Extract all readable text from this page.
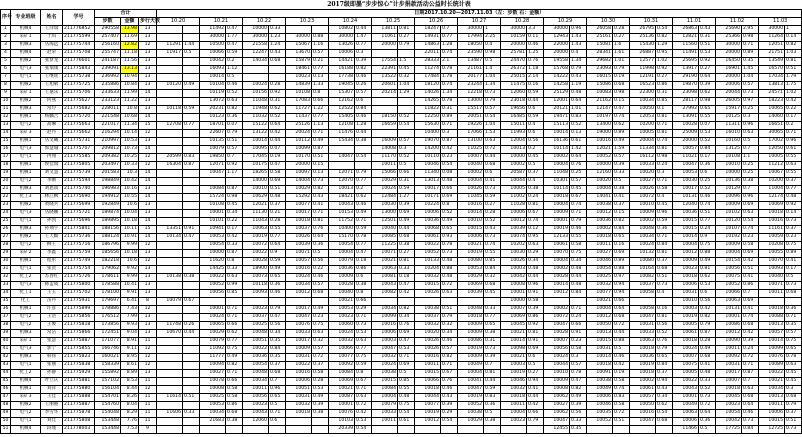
2017级即墨“步步惊心”计步捐款活动公益时长统计表
序号	专业班级	姓名	学号	合计			日期2017.10.20—2017.11.03（左：步数 右：金额）																													
				步数	金额	步行天数	10.20		10.21		10.22		10.23		10.24		10.25		10.26		10.27		10.28		10.29		10.30		10.31		11.01		11.02		11.03	
1	机械4	王洋瑞	211776852	290558	13.98	13			11492	0.47	10000	0.33			10802	0.44	13811	0.81	18247	0.7	30000	1	30000	3.3	30000	0.96	26058	0.28	26795	0.54	26863	0.43	25690	2.95	30000	1
2	采矿1	于琪	211775599	257407	11.69	13			30000	1.77	30000	1.23	30000	0.88	30000	1.47	11061	0.27	14931	0.77	17994	2.25	10159	0.11	12943	1.43	25161	0.27	25136	0.82	12821	0.31	25366	0.98	11264	0.14
3	机械3	丛海远	211775744	256160	12.82	12	11291	1.44	10500	0.47	21558	1.24	15067	1.16	13026	0.77	20000	0.79	14863	1.28	18050	0.4	20000	0.46	22000	1.43	15081	1.6	15430	1.29	11560	0.51	30000	0.71	12051	0.82
4	机械4	赵荣	211775708	255747	11.18	13	11917	0.5	10066	0.59	12247	0.43	13670	0.57	10006	0.3			22011	0.74	23590	0.98	25781	1.25	20000	0.4	28341	1.61	26887	0.95	11491	0.53	20000	0.89	21751	1.03
5	机械2	张梦龙	211776601	241187	11.56	13			10042	0.2	14034	0.68	15879	0.21	14421	0.39	17554	1.5	28333	2.1	13487	0.5	24470	0.76	19558	1.34	29682	1.01	12577	1.02	25695	0.92	16450	0.35	13549	0.81
6	电气3	张瑞康	211775843	239091	13.13	13			16093	1.12			18461	0.77	16188	0.82	22391	0.45	11274	0.78	21161	1.4	26372	1.18	15768	0.79	23093	0.79	11998	0.92	13917	0.27	16901	1.45	16570	0.51
7	电气1	王继瑶	211775738	236992	10.94	13			10014	0.5			10023	0.13	17738	0.46	13522	0.32	17484	1.78	20177	1.04	25015	2.14	14222	0.43	16015	0.19	12191	0.27	29190	0.64	20000	1.04	17034	1.79
8	机械2	王旭敬	211775725	235886	10.84	13	10120	0.49	10104	0.46	10024	0.28	14839	1.33	19045	0.26	20601	1.04	18120	0.74	23244	1.34	11475	0.16	14258	1.19	15086	0.68	16523	0.86	19870	0.39	20006	0.57	13813	1.75
9	采矿1	王嘉乐	211775706	233633	11.99	14			10119	0.52	10156	0.92	10108	0.8	15307	0.57	20214	1.29	14026	1.34	12218	0.73	12060	0.59	25129	0.48	10083	0.98	22300	0.31	23098	0.62	20044	0.73	24571	1.02
10	机械2	何燕	211775627	233123	11.22	13			13072	0.63	11048	0.31	17083	0.66	12162	0.6			14265	0.78	13000	0.79	23018	0.44	12001	0.64	21162	0.15	10034	0.85	28117	0.98	26005	0.97	18223	0.42
11	机械3	常玲	211775682	228011	10.8	13	10118	0.59	20231	0.82	11948	0.62	11727	1.22	12522	0.84			11822	0.31	15517	0.57	19656	0.6	20121	1.01	12147	0.47	10050	0.1	27992	0.65	15917	0.25	10065	0.22
12	机械1	杨麟吉	211775720	221548	10.68	14			10123	0.36	11032	0.52	11437	0.77	15405	0.46	18150	0.52	12250	0.89	20051	0.54	16485	0.59	19471	0.83	10197	0.74	12053	0.81	13091	0.55	10125	0.3	14060	0.17
13	电气2	高琳	211775663	221017	11.34	15	12708	0.77	18701	0.07	15122	0.64	25126	1.13	12108	1.28	16659	0.54	15630	0.71	19226	1.04	15011	0.4	15113	0.52	13400	0.62	10200	0.71	10028	0.07	11311	0.96	16651	0.2
14	采矿3	赵丹	211775662	216294	10.14	12			22607	0.79	13122	0.42	20024	0.71	11476	0.44			10400	0.3	17066	1.53	11993	0.6	10014	0.13	19000	0.89	10005	0.81	25009	0.53	16010	0.63	30065	0.71
15	机械1	丛文曦	211775731	210997	10.53	13			10135	0.51	10014	0.44	10112	0.49	15434	0.38	16009	0.57	19070	0.87	13100	0.63	12004	0.56	16136	0.61	10016	0.49	20004	0.74	20000	0.52	10160	0.5	17002	0.96
16	电气3	郭慧瑜	211775707	209812	10.73	14			10079	0.57	10095	0.07	10099	0.87			14008	0.3	14200	0.42	11025	0.72	10013	0.2	10114	1.42	12021	1.59	11334	0.81	10057	0.84	13125	0.7	12050	0.61
17	电气1	冉翔	211775585	209382	10.25	12	20599	0.83	19850	0.7	17045	0.19	10170	0.51	14047	0.54	11170	0.52	10110	0.23	10007	0.44	10000	0.45	10002	0.64	10052	0.57	16112	0.98	11021	0.17	10108	1.1	10005	0.55
18	机械1	侯佳瑞	211775805	203497	10.33	12	16304	0.87	12071	0.92	10175	0.47	20000	0.15			10011	0.5	10046	0.54	10040	0.68	10002	0.5	10004	0.76	10000	0.39	10033	0.24	10047	0.36	10010	0.25	11212	0.63
19	机械1	刘文慧	211775739	201583	10.3	14			10047	1.17	18265	0.58	10097	0.13	12071	0.79	15066	0.66	11340	0.08	10002	0.6	20587	0.37	11048	0.25	12160	0.33	10020	0.3	10053	0.6	10000	0.25	10067	0.55
20	电气2	李刚	211775594	198849	10.42	14					14000	0.69	14004	0.73	12070	0.77	10029	0.31	13013	0.48	10004	0.41	10044	0.4	10301	0.57	10020	0.5	10027	0.71	10030	0.25	10136	0.38	10200	0.37
21	机械3	刘思雨	211775740	196983	10.16	13			10084	0.87	10010	0.51	10029	0.82	10013	0.2	10024	0.59	10017	0.66	10026	0.73	10005	0.38	10114	0.45	10004	0.38	10026	0.58	10017	0.52	10129	0.7	11004	0.77
22	化工3	林江枫	211775690	194912	10.55	14			15724	0.98	10629	0.48	15292	0.43	18421	0.62	12484	1.27	10171	0.69	11045	0.59	11002	0.24	10018	0.67	14041	0.41	10072	0.4	10131	0.46	10096	0.96	12174	0.48
23	机械2	黄晓兵	211775699	192849	10.6	13			10108	0.45	12021	0.37	10077	0.41	10043	0.46	10030	0.39	10224	0.8	10016	0.27	11028	0.81	10004	0.74	10038	0.37	10010	0.45	12040	0.74	10009	0.69	10069	0.92
24	电气3	丛晓鹏	211775721	189874	10.04	13			10001	0.34	11130	0.21	10017	0.71	10153	0.49	13000	0.69	10006	0.52	10014	0.28	10006	0.67	10009	0.71	10012	0.15	10009	0.96	10036	0.51	10102	0.63	10018	0.14
25	电气1	孙凯	211775696	189895	10.18	14			10101	0.22	11043	0.28	10018	0.81	11752	0.71	12501	0.49	10036	0.49	10010	0.52	10012	0.74	10001	0.79	10036	0.82	10002	0.59	10015	0.77	10120	0.54	10016	0.73
26	机械3	孙翔宇	211775841	188156	10.11	15	13351	0.91	10941	0.17	10063	0.55	10037	0.76	10400	0.59	10040	0.44	10068	0.65	10015	0.43	10039	0.12	10019	0.46	10002	0.84	10048	0.36	10015	0.24	10107	0.74	11161	0.37
27	机械2	王天麒	211775736	188124	10.91	14	10134	0.47	10053	0.42	10019	0.77	10026	0.64	15170	0.78	10085	0.68	10061	0.93	10006	0.73	10074	0.95	12133	0.55	10018	0.65	10034	0.71	10014	0.9	10192	0.23	10059	0.23
28	电气2	柳王	211775716	186796	9.99	12			10054	0.33	10072	0.64	10039	0.36	10054	0.77	11225	0.38	10022	0.78	10021	0.74	10202	0.63	10061	0.58	10011	0.16	10024	0.84	10004	0.75	10009	0.58	10208	0.75
29	采矿2	李鑫	211775759	185656	10.18	13			10000	0.87	10022	0.9	10071	0.5	10004	0.47	10071	0.27	10052	0.73	10019	0.55	10030	0.29	10070	0.75	10027	0.69	10132	0.81	10012	0.88	10004	0.69	10055	0.89
30	机械1	程彤	211775749	182218	10.6	12			11620	0.8	10028	0.59	10057	0.56	10079	0.18	10021	0.81	10133	0.48	10080	0.85	10026	0.34	10004	0.34	10046	0.89	10080	0.37	10009	0.49	10154	0.42	10070	0.41
31	电气1	张贺	211775754	179062	9.92	13			14425	0.33	18900	0.49	10016	0.22	10036	0.86	10063	0.33	10204	0.88	10053	0.84	10003	0.48	10002	0.48	10054	0.88	10164	0.68	10023	0.81	10056	0.51	10093	0.17
32	化工2	苏春红	211775726	178611	9.99	13	10138	0.38	10022	0.63	10073	0.65	10024	0.46	10009	0.6	10081	0.18	10032	0.48	10029	0.32	10042	0.44	10028	0.44	10025	0.97	10082	0.51	10018	0.62	10075	0.41	10040	0.5
33	电气3	韩孟成	211775800	178588	10.41	13			10052	0.99	10118	0.36	10034	0.57	10028	0.38	10043	0.47	10015	0.72	10069	0.68	10008	0.96	10014	0.48	10032	0.94	10037	0.73	10006	0.53	10052	0.86	10071	0.73
34	化工1	王玉	211775702	178100	9.91	13			10056	0.85	10093	0.46	10012	0.68	10040	0.8	10082	0.42	10026	0.63	10039	0.45	10001	0.91	10012	0.84	10077	0.94	10058	0.4	10031	0.6	10066	0.7	10011	0.68
35	化工	苗丹	211775931	179697	6.41	8	10079	0.67							10021	0.66							10000	0.58			10021	0.66			10010	0.56	10063	0.69		
36	机械1	许彦	211775899	178886	7.43	12			10001	0.71	10023	0.79	10017	0.49	10053	0.29	10034	0.82	10038	0.51	10048	0.33	10007	0.39	10002	0.71	10004	0.64	10058	0.16	10003	0.42	10131	0.41	10018	0.36
37	电气2	王浩	211775856	176512	7.99	13			10024	0.71	10037	0.47	10047	0.23	10023	0.71	10099	0.34	10037	0.79	10018	0.77	10069	0.86	10072	0.24	10012	0.68	10047	0.81	10019	0.82	10001	0.74	10088	0.71
38	电气2	王俊	211775818	173856	9.93	13	11748	0.26	10065	0.66	10025	0.56	10076	0.75	10060	0.73	10016	0.76	10032	0.32	10009	0.65	10045	0.92	10047	0.66	10050	0.72	10031	0.56	10005	0.79	10086	0.68	10013	0.35
39	机械3	常洁	211775866	172451	9.04	13	10670	0.44	10029	0.62	10048	0.34	10033	0.63	10024	0.53	10006	0.69	10020	0.34	10009	0.38	10021	0.81	10028	0.91	10013	0.44	10033	0.52	10061	0.87	10012	0.42	10057	0.57
40	采矿1	张慧	211775887	171077	8.91	11			10079	0.77	10051	0.35	10017	0.32	10032	0.63	10003	0.47	10026	0.46	10086	0.31	10014	0.91	10007	0.23	10015	0.88	10063	0.76	10018	0.28	10090	0.39	10014	0.75
41	电气3	郭宁	211775855	166746	9.11	12			11092	0.75	10022	0.84	10009	0.57	10066	0.77	10047	0.53	10026	0.57	10019	0.73	10098	0.69	10056	0.58	10031	0.5	10018	0.79	10024	0.49	10011	0.24	10099	0.65
42	机械3	韩扬	211775823	160021	8.95	12			11777	0.49	10036	0.35	10031	0.72	10077	0.75	10032	0.71	10016	0.82	10009	0.39	10021	0.6	10024	0.3	10014	0.46	10036	0.65	10007	0.68	10092	0.72	10076	0.78
43	电气1	张丽	211775838	158339	8.61	12			10094	0.82	10054	0.37	10022	0.37	10092	0.59	10024	0.69	10011	0.71	10049	0.7	10003	0.5	10044	0.57	10018	0.42	10019	0.84	10075	0.41	10031	0.71	10089	0.63
44	化工2	孙静	211775929	155892	8.89	13			10027	0.71	10048	0.68	10016	0.58	10084	0.8	10038	0.5	10015	0.67	10004	0.81	10019	0.27	10010	0.78	10091	0.19	10018	0.37	10005	0.48	10017	0.87	10022	0.45
45	机械4	叶立庆	211775881	157102	8.53	11			10078	0.66	10034	0.7	10006	0.28	10069	0.67	10015	0.85	10066	0.76	10041	0.44	10046	0.94	10009	0.47	10038	0.58	10002	0.94	10022	0.33	10007	0.7	10021	0.45
46	机械1	刘萍	211775880	156104	8.44	12			10008	0.58	10011	0.96	10051	0.53	10021	0.71	10084	0.55	10018	0.46	10047	0.59	10032	0.41	10008	0.82	10049	0.74	10061	0.43	10043	0.52	10018	0.63	10034	0.3
47	采矿3	王佳	211775888	154701	8.26	11	11614	0.51	10025	0.58	10056	0.65	10031	0.49	10087	0.63	10004	0.48	10044	0.43	10019	0.83	10018	0.44	10062	0.49	10006	0.83	10057	0.34	10001	0.73	10045	0.68	10013	0.68
48	机械2	王丽丽	211775887	154760	8.04	11			10053	0.86	10023	0.5	10032	0.39	10001	0.72	10079	0.75	10077	0.39	10052	0.36	10011	0.42	10027	0.39	10046	0.58	10050	0.62	10049	0.72	10023	0.64	10011	0.79
49	电气2	李雪华	211775878	154048	8.29	11	11606	0.33	10034	0.68	10043	0.71	10018	0.38	10076	0.42	10033	0.54	10019	0.29	10038	0.5	10004	0.66	10062	0.56	10035	0.72	10016	0.54	10063	0.64	10054	0.46	10006	0.37
50	电气1	刘佳	211775808	153448	7.76	11			21683	0.38	12060	0.6			10103	0.53	10011	0.61	10012	0.54	10029	0.38	10023	0.79	10047	0.33	10052	0.51	10047	0.68	10006	0.36	10042	0.73	10015	0.51
51	机械4	段瑾	211778003	153448	7.53	9									20339	0.54									12455	0.35					11466	0.5	17725	0.84	12725	0.73
